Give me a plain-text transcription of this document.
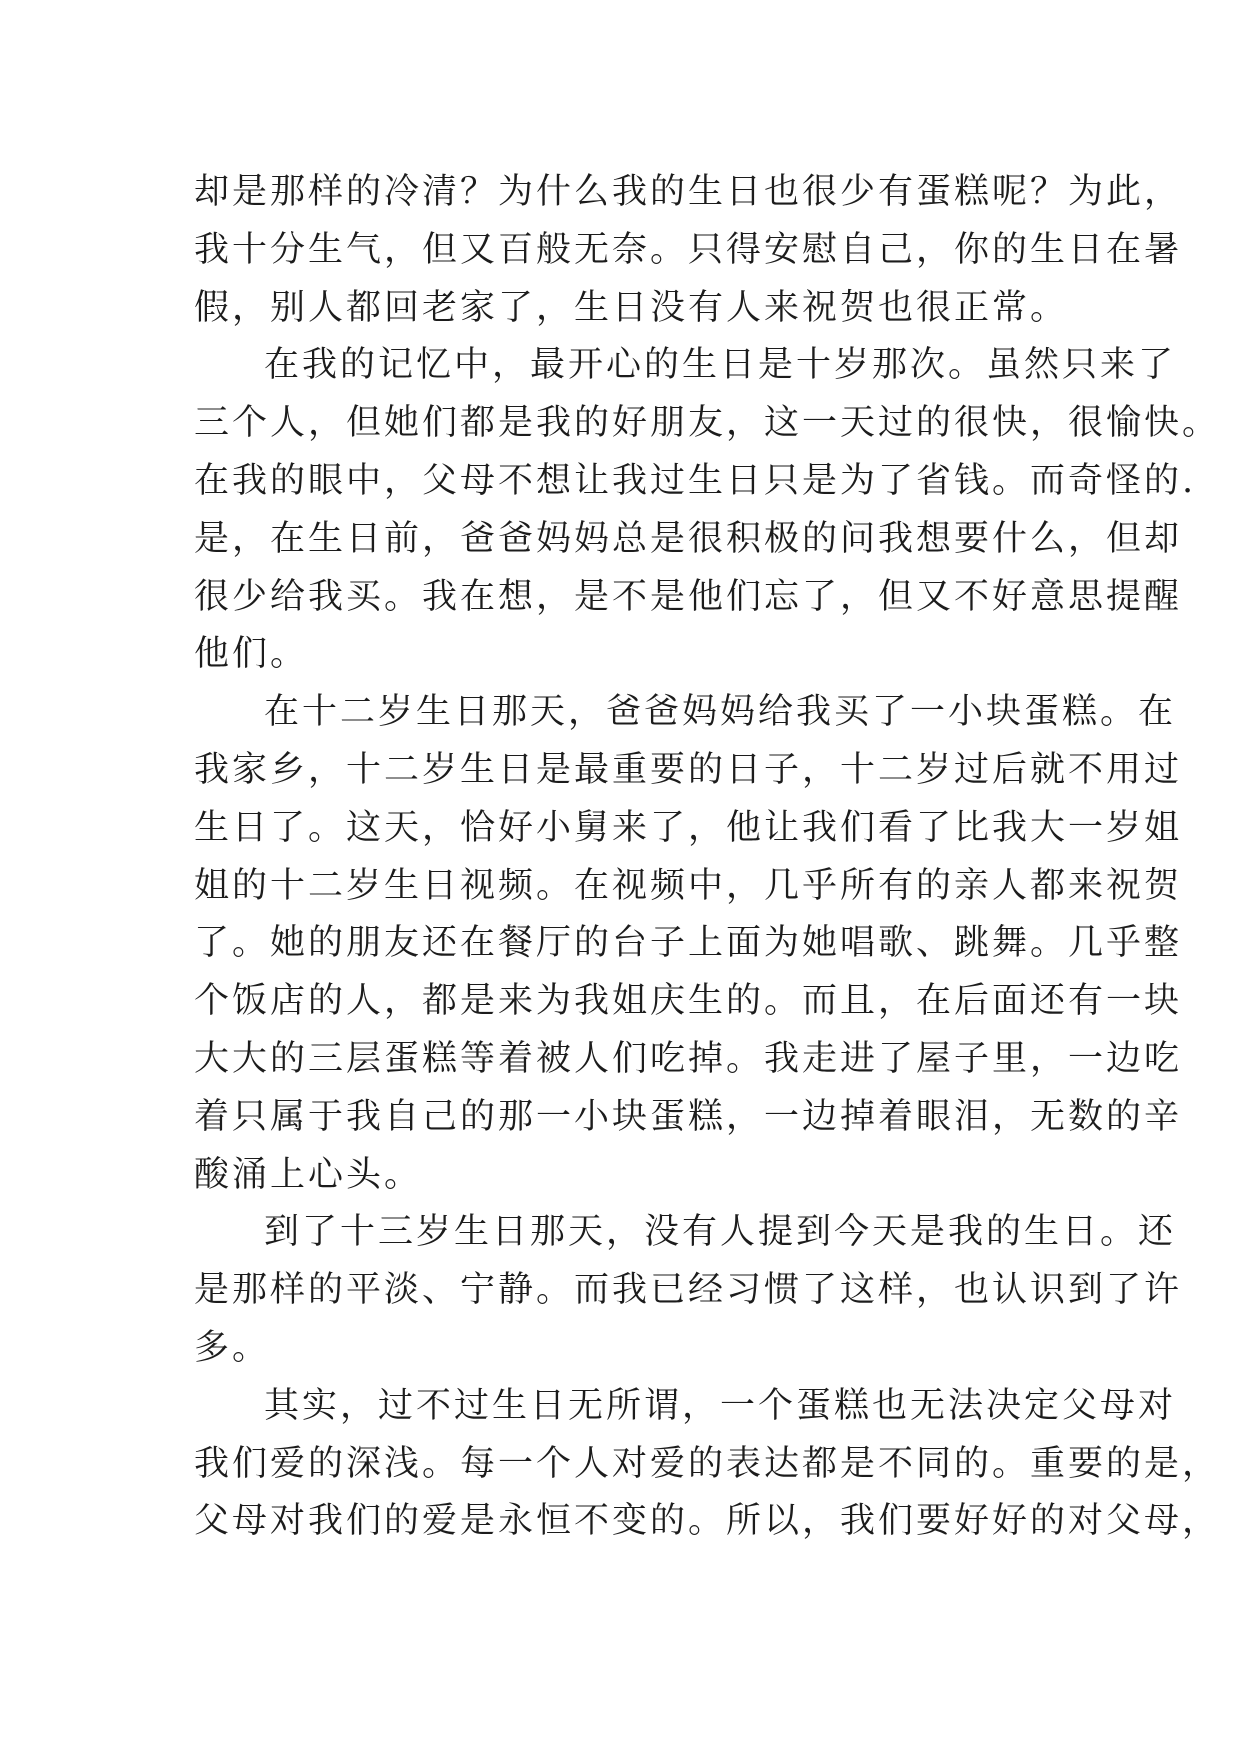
却是那样的冷清？为什么我的生日也很少有蛋糕呢？为此，
我十分生气，但又百般无奈。只得安慰自己，你的生日在暑
假，别人都回老家了，生日没有人来祝贺也很正常。
在我的记忆中，最开心的生日是十岁那次。虽然只来了
三个人，但她们都是我的好朋友，这一天过的很快，很愉快。
在我的眼中，父母不想让我过生日只是为了省钱。而奇怪的.
是，在生日前，爸爸妈妈总是很积极的问我想要什么，但却
很少给我买。我在想，是不是他们忘了，但又不好意思提醒
他们。
在十二岁生日那天，爸爸妈妈给我买了一小块蛋糕。在
我家乡，十二岁生日是最重要的日子，十二岁过后就不用过
生日了。这天，恰好小舅来了，他让我们看了比我大一岁姐
姐的十二岁生日视频。在视频中，几乎所有的亲人都来祝贺
了。她的朋友还在餐厅的台子上面为她唱歌、跳舞。几乎整
个饭店的人，都是来为我姐庆生的。而且，在后面还有一块
大大的三层蛋糕等着被人们吃掉。我走进了屋子里，一边吃
着只属于我自己的那一小块蛋糕，一边掉着眼泪，无数的辛
酸涌上心头。
到了十三岁生日那天，没有人提到今天是我的生日。还
是那样的平淡、宁静。而我已经习惯了这样，也认识到了许
多。
其实，过不过生日无所谓，一个蛋糕也无法决定父母对
我们爱的深浅。每一个人对爱的表达都是不同的。重要的是，
父母对我们的爱是永恒不变的。所以，我们要好好的对父母，
